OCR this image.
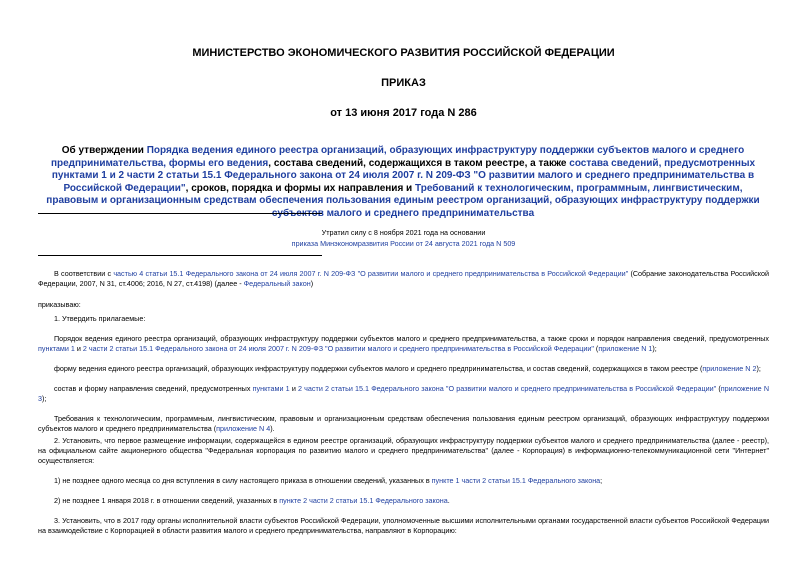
МИНИСТЕРСТВО ЭКОНОМИЧЕСКОГО РАЗВИТИЯ РОССИЙСКОЙ ФЕДЕРАЦИИ
ПРИКАЗ
от 13 июня 2017 года N 286
Об утверждении Порядка ведения единого реестра организаций, образующих инфраструктуру поддержки субъектов малого и среднего предпринимательства, формы его ведения, состава сведений, содержащихся в таком реестре, а также состава сведений, предусмотренных пунктами 1 и 2 части 2 статьи 15.1 Федерального закона от 24 июля 2007 г. N 209-ФЗ "О развитии малого и среднего предпринимательства в Российской Федерации", сроков, порядка и формы их направления и Требований к технологическим, программным, лингвистическим, правовым и организационным средствам обеспечения пользования единым реестром организаций, образующих инфраструктуру поддержки субъектов малого и среднего предпринимательства
Утратил силу с 8 ноября 2021 года на основании
приказа Минэкономразвития России от 24 августа 2021 года N 509

В соответствии с частью 4 статьи 15.1 Федерального закона от 24 июля 2007 г. N 209-ФЗ "О развитии малого и среднего предпринимательства в Российской Федерации" (Собрание законодательства Российской Федерации, 2007, N 31, ст.4006; 2016, N 27, ст.4198) (далее - Федеральный закон)

приказываю:

1. Утвердить прилагаемые:

Порядок ведения единого реестра организаций, образующих инфраструктуру поддержки субъектов малого и среднего предпринимательства, а также сроки и порядок направления сведений, предусмотренных пунктами 1 и 2 части 2 статьи 15.1 Федерального закона от 24 июля 2007 г. N 209-ФЗ "О развитии малого и среднего предпринимательства в Российской Федерации" (приложение N 1);

форму ведения единого реестра организаций, образующих инфраструктуру поддержки субъектов малого и среднего предпринимательства, и состав сведений, содержащихся в таком реестре (приложение N 2);

состав и форму направления сведений, предусмотренных пунктами 1 и 2 части 2 статьи 15.1 Федерального закона "О развитии малого и среднего предпринимательства в Российской Федерации" (приложение N 3);

Требования к технологическим, программным, лингвистическим, правовым и организационным средствам обеспечения пользования единым реестром организаций, образующих инфраструктуру поддержки субъектов малого и среднего предпринимательства (приложение N 4).

2. Установить, что первое размещение информации, содержащейся в едином реестре организаций, образующих инфраструктуру поддержки субъектов малого и среднего предпринимательства (далее - реестр), на официальном сайте акционерного общества "Федеральная корпорация по развитию малого и среднего предпринимательства" (далее - Корпорация) в информационно-телекоммуникационной сети "Интернет" осуществляется:

1) не позднее одного месяца со дня вступления в силу настоящего приказа в отношении сведений, указанных в пункте 1 части 2 статьи 15.1 Федерального закона;

2) не позднее 1 января 2018 г. в отношении сведений, указанных в пункте 2 части 2 статьи 15.1 Федерального закона.

3. Установить, что в 2017 году органы исполнительной власти субъектов Российской Федерации, уполномоченные высшими исполнительными органами государственной власти субъектов Российской Федерации на взаимодействие с Корпорацией в области развития малого и среднего предпринимательства, направляют в Корпорацию:
